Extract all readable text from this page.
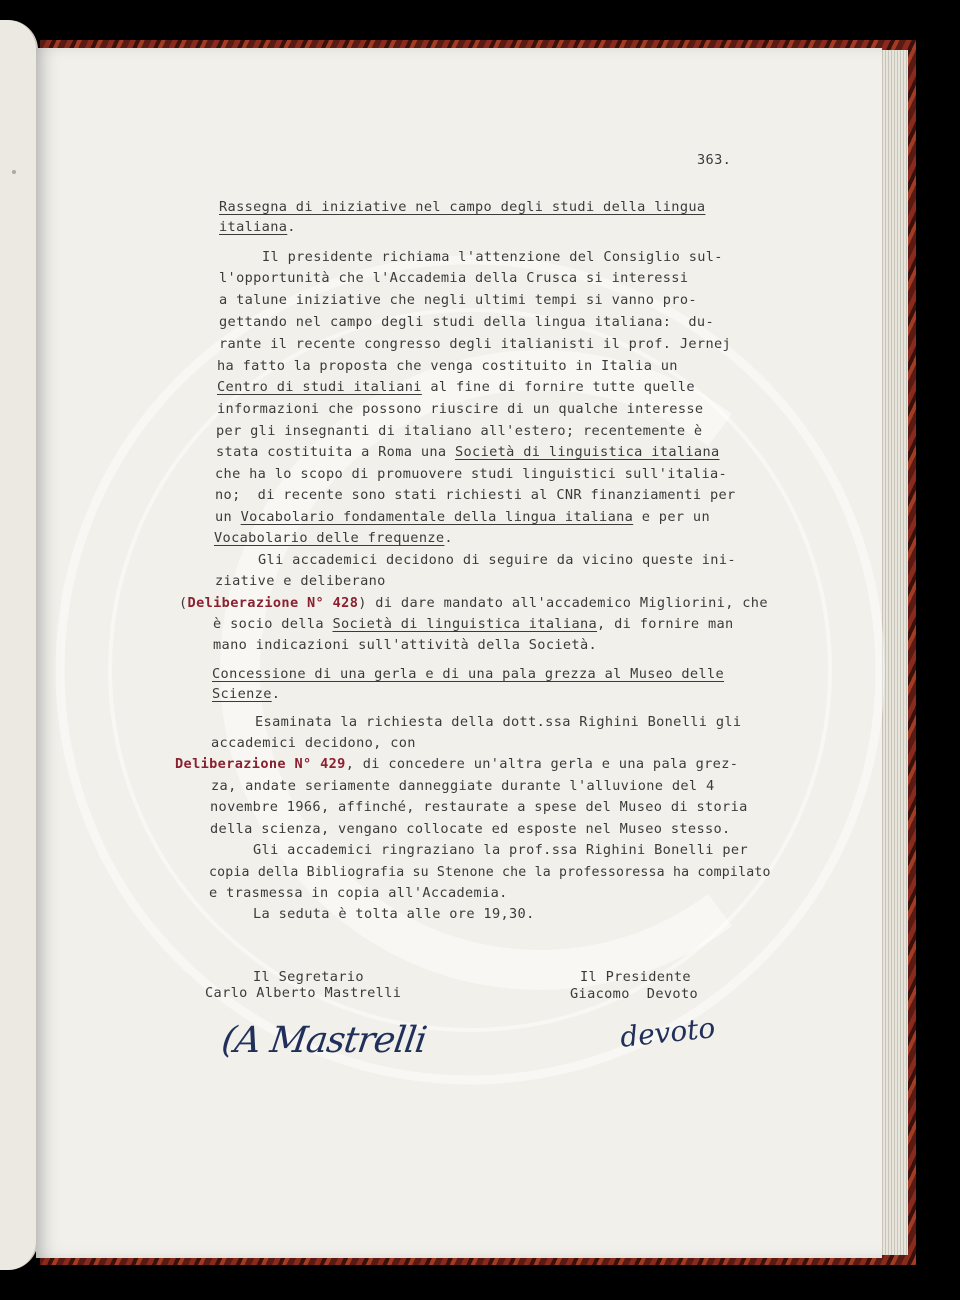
363.
Rassegna di iniziative nel campo degli studi della lingua
italiana.
Il presidente richiama l'attenzione del Consiglio sul-
l'opportunità che l'Accademia della Crusca si interessi
a talune iniziative che negli ultimi tempi si vanno pro-
gettando nel campo degli studi della lingua italiana:  du-
rante il recente congresso degli italianisti il prof. Jernej
ha fatto la proposta che venga costituito in Italia un
Centro di studi italiani al fine di fornire tutte quelle
informazioni che possono riuscire di un qualche interesse
per gli insegnanti di italiano all'estero; recentemente è
stata costituita a Roma una Società di linguistica italiana
che ha lo scopo di promuovere studi linguistici sull'italia-
no;  di recente sono stati richiesti al CNR finanziamenti per
un Vocabolario fondamentale della lingua italiana e per un
Vocabolario delle frequenze.
Gli accademici decidono di seguire da vicino queste ini-
ziative e deliberano
(Deliberazione N° 428) di dare mandato all'accademico Migliorini, che
è socio della Società di linguistica italiana, di fornire man
mano indicazioni sull'attività della Società.
Concessione di una gerla e di una pala grezza al Museo delle
Scienze.
Esaminata la richiesta della dott.ssa Righini Bonelli gli
accademici decidono, con
Deliberazione N° 429, di concedere un'altra gerla e una pala grez-
za, andate seriamente danneggiate durante l'alluvione del 4
novembre 1966, affinché, restaurate a spese del Museo di storia
della scienza, vengano collocate ed esposte nel Museo stesso.
Gli accademici ringraziano la prof.ssa Righini Bonelli per
copia della Bibliografia su Stenone che la professoressa ha compilato
e trasmessa in copia all'Accademia.
La seduta è tolta alle ore 19,30.
Il Segretario
Carlo Alberto Mastrelli
Il Presidente
Giacomo  Devoto
(A Mastrelli	devoto
